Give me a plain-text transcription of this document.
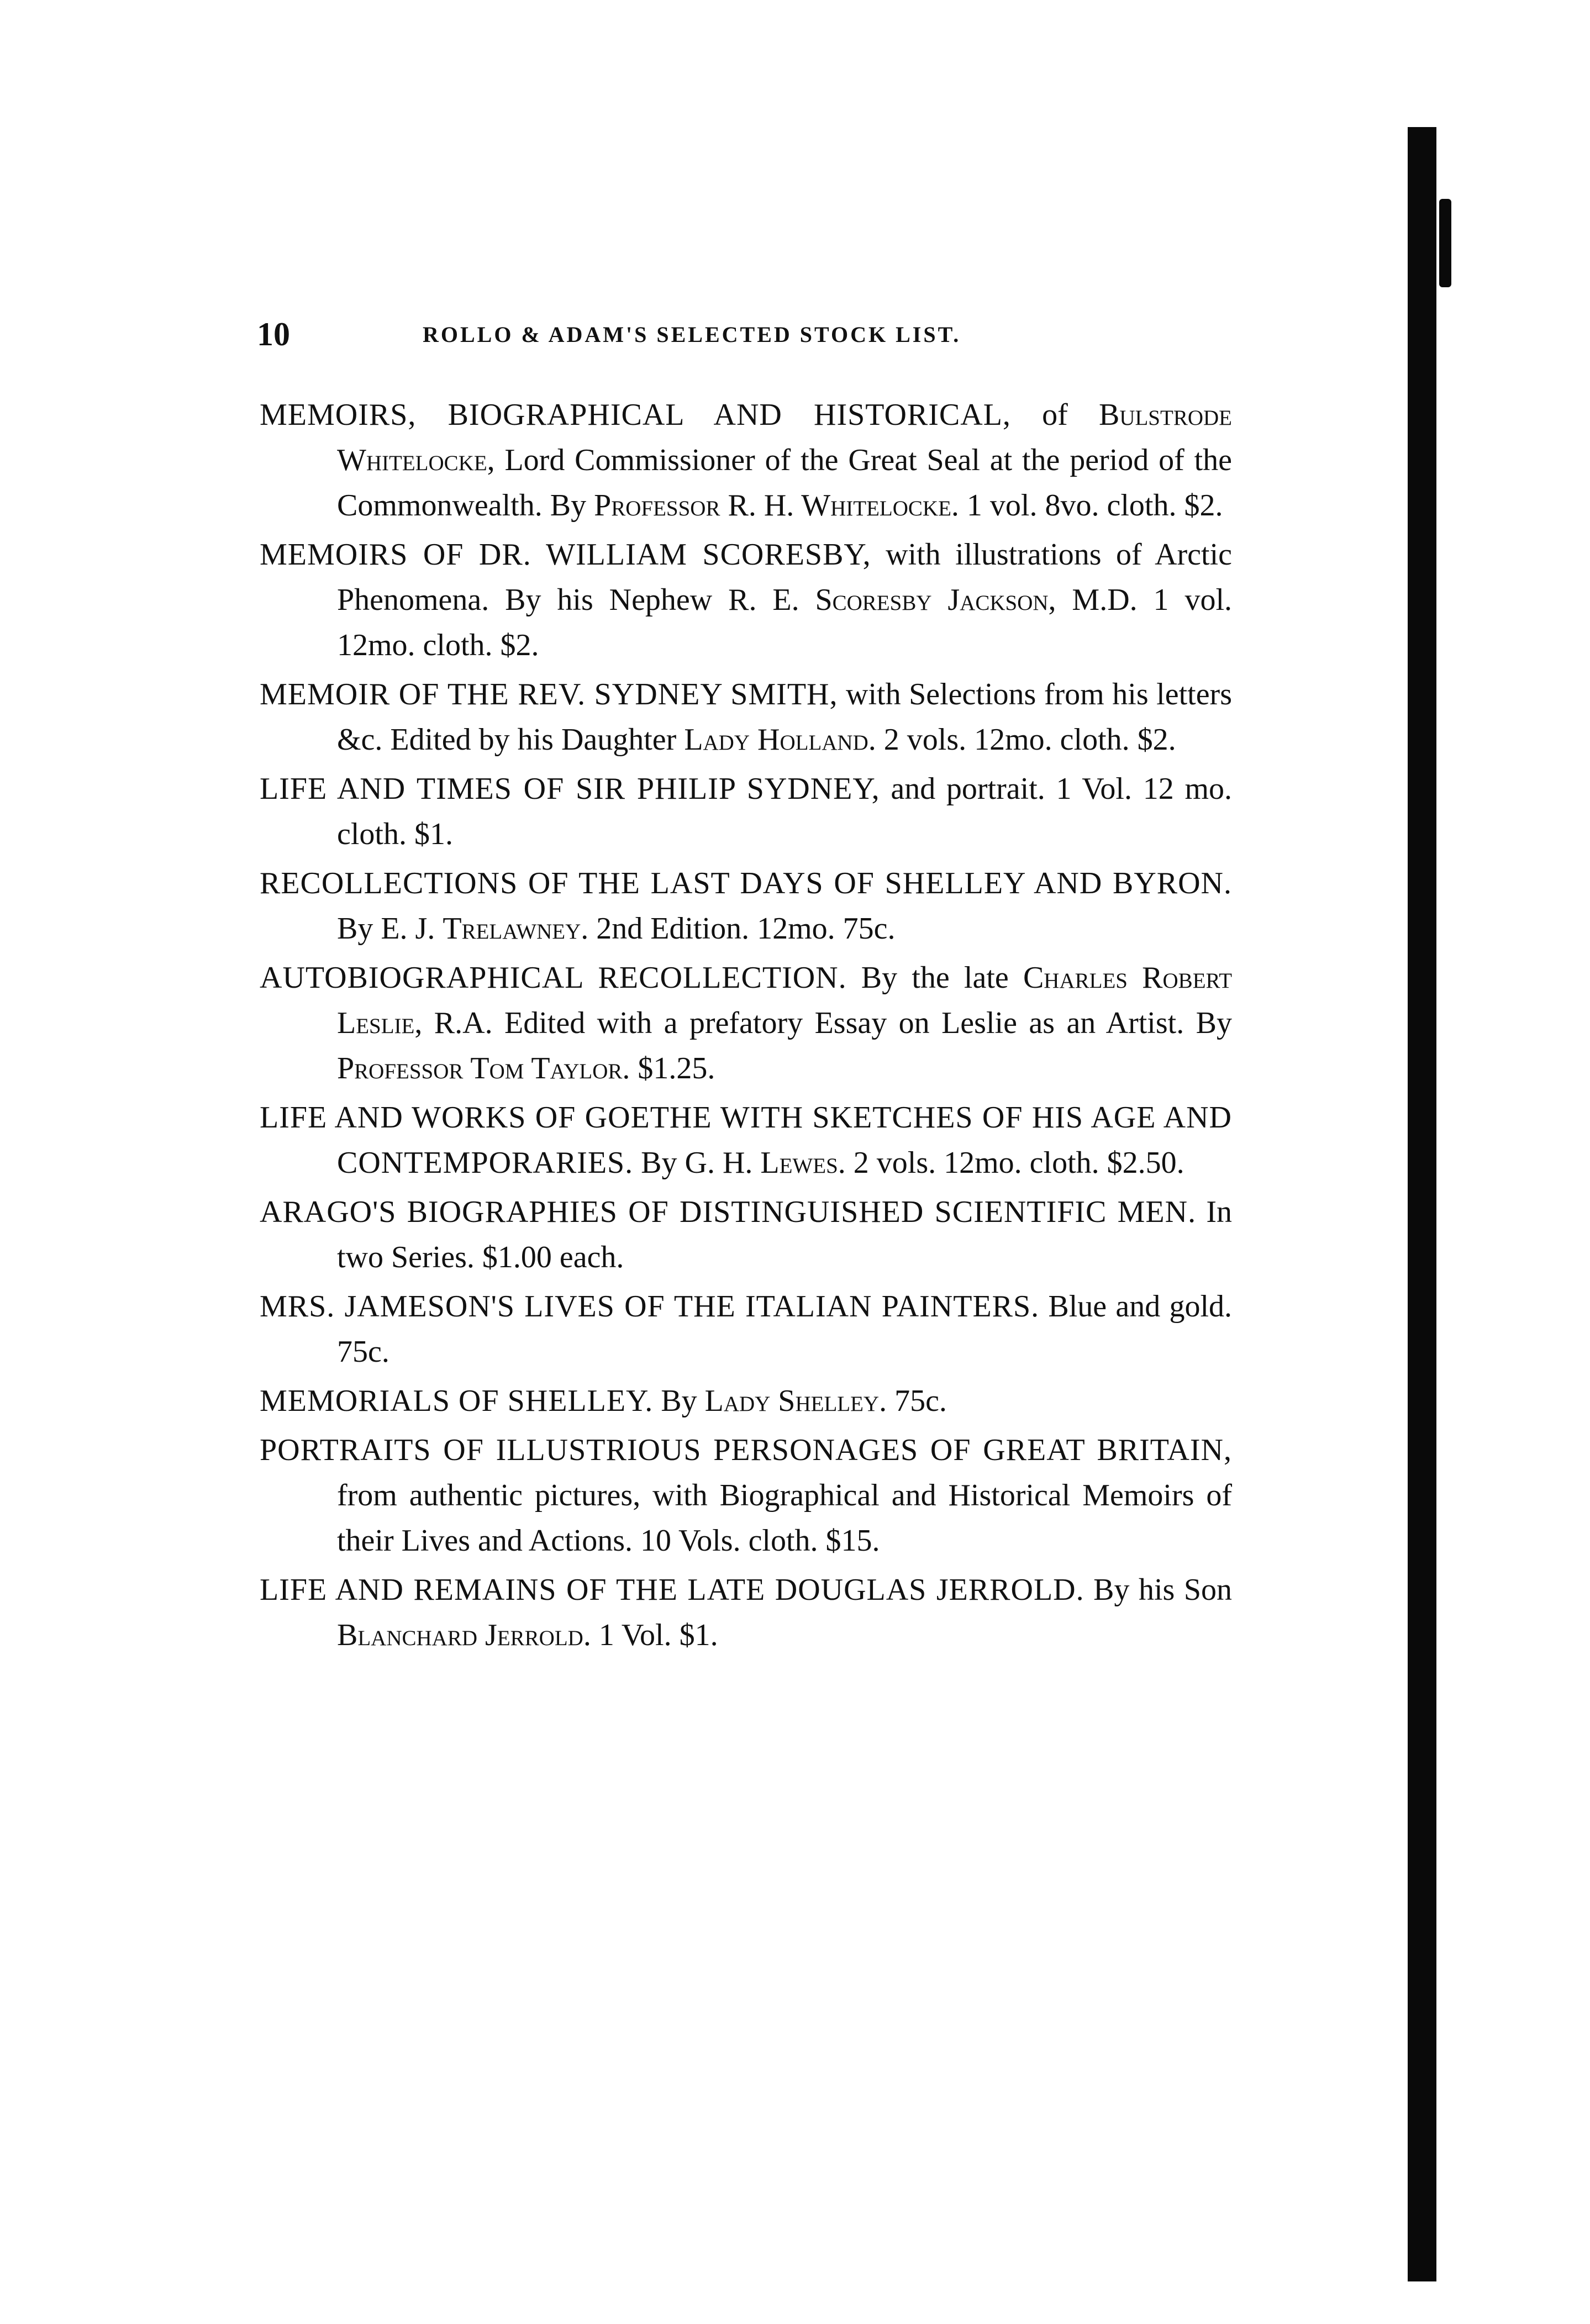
10	ROLLO & ADAM'S SELECTED STOCK LIST.

MEMOIRS, BIOGRAPHICAL AND HISTORICAL, of Bulstrode Whitelocke, Lord Commissioner of the Great Seal at the period of the Commonwealth. By Professor R. H. Whitelocke. 1 vol. 8vo. cloth. $2.

MEMOIRS OF DR. WILLIAM SCORESBY, with illustrations of Arctic Phenomena. By his Nephew R. E. Scoresby Jackson, M.D. 1 vol. 12mo. cloth. $2.

MEMOIR OF THE REV. SYDNEY SMITH, with Selections from his letters &c. Edited by his Daughter Lady Holland. 2 vols. 12mo. cloth. $2.

LIFE AND TIMES OF SIR PHILIP SYDNEY, and portrait. 1 Vol. 12 mo. cloth. $1.

RECOLLECTIONS OF THE LAST DAYS OF SHELLEY AND BYRON. By E. J. Trelawney. 2nd Edition. 12mo. 75c.

AUTOBIOGRAPHICAL RECOLLECTION. By the late Charles Robert Leslie, R.A. Edited with a prefatory Essay on Leslie as an Artist. By Professor Tom Taylor. $1.25.

LIFE AND WORKS OF GOETHE WITH SKETCHES OF HIS AGE AND CONTEMPORARIES. By G. H. Lewes. 2 vols. 12mo. cloth. $2.50.

ARAGO'S BIOGRAPHIES OF DISTINGUISHED SCIENTIFIC MEN. In two Series. $1.00 each.

MRS. JAMESON'S LIVES OF THE ITALIAN PAINTERS. Blue and gold. 75c.

MEMORIALS OF SHELLEY. By Lady Shelley. 75c.

PORTRAITS OF ILLUSTRIOUS PERSONAGES OF GREAT BRITAIN, from authentic pictures, with Biographical and Historical Memoirs of their Lives and Actions. 10 Vols. cloth. $15.

LIFE AND REMAINS OF THE LATE DOUGLAS JERROLD. By his Son Blanchard Jerrold. 1 Vol. $1.
